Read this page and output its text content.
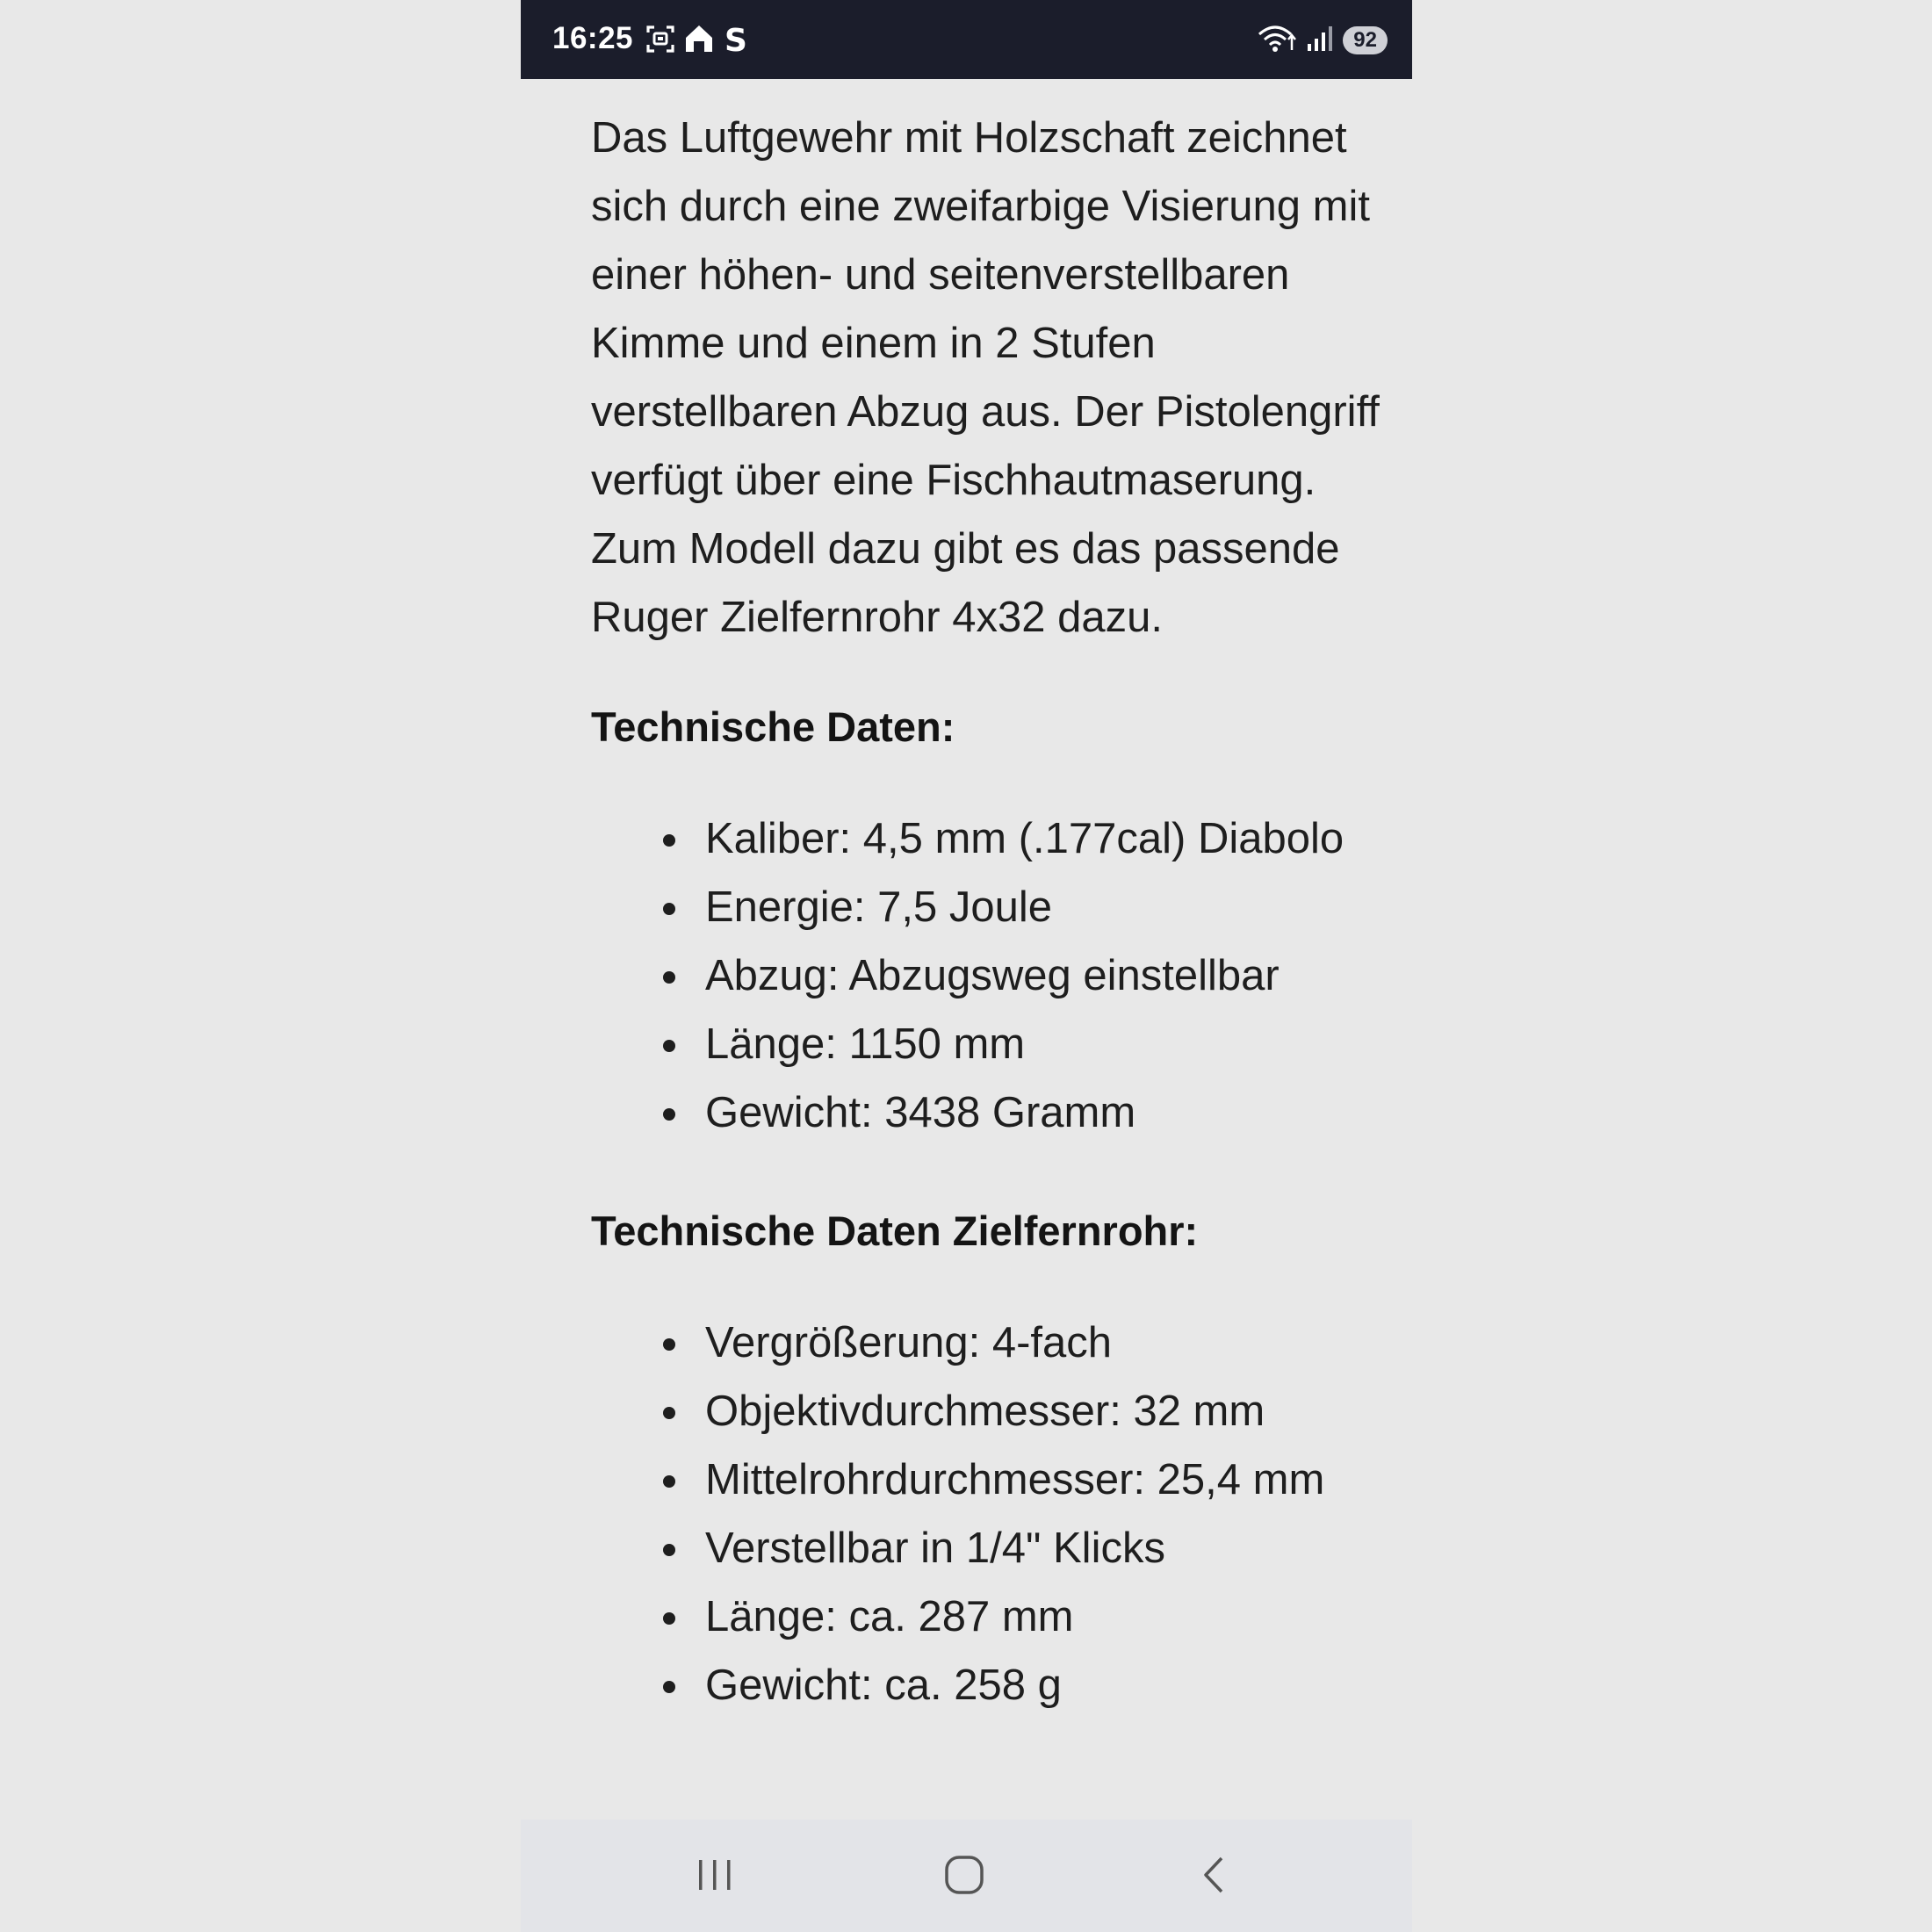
16:25	S	92

Das Luftgewehr mit Holzschaft zeichnet sich durch eine zweifarbige Visierung mit einer höhen- und seitenverstellbaren Kimme und einem in 2 Stufen verstellbaren Abzug aus. Der Pistolengriff verfügt über eine Fischhautmaserung. Zum Modell dazu gibt es das passende Ruger Zielfernrohr 4x32 dazu.

Technische Daten:
Kaliber: 4,5 mm (.177cal) Diabolo
Energie: 7,5 Joule
Abzug: Abzugsweg einstellbar
Länge: 1150 mm
Gewicht: 3438 Gramm
Technische Daten Zielfernrohr:
Vergrößerung: 4-fach
Objektivdurchmesser: 32 mm
Mittelrohrdurchmesser: 25,4 mm
Verstellbar in 1/4" Klicks
Länge: ca. 287 mm
Gewicht: ca. 258 g
